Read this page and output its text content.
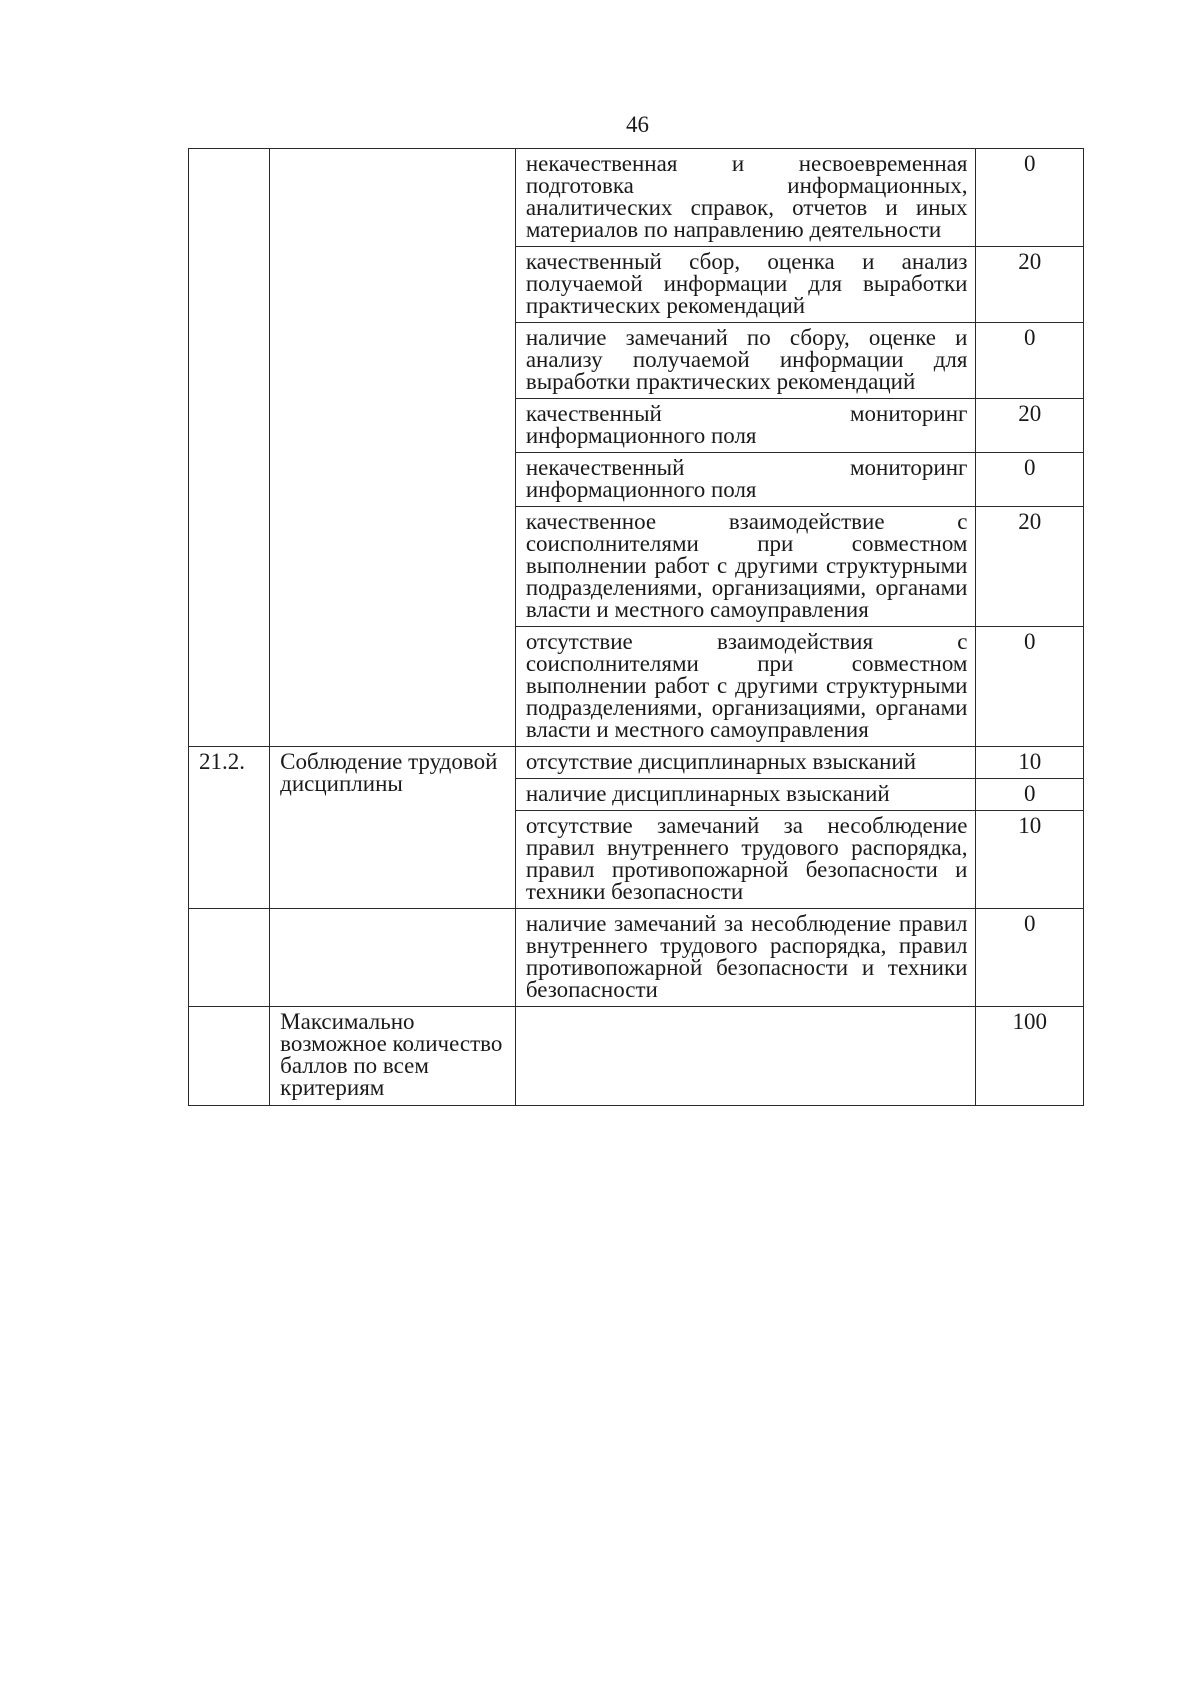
46
		некачественная и несвоевременная подготовка информационных, аналитических справок, отчетов и иных материалов по направлению деятельности	0
		качественный сбор, оценка и анализ получаемой информации для выработки практических рекомендаций	20
		наличие замечаний по сбору, оценке и анализу получаемой информации для выработки практических рекомендаций	0
		качественный мониторинг информационного поля	20
		некачественный мониторинг информационного поля	0
		качественное взаимодействие с соисполнителями при совместном выполнении работ с другими структурными подразделениями, организациями, органами власти и местного самоуправления	20
		отсутствие взаимодействия с соисполнителями при совместном выполнении работ с другими структурными подразделениями, организациями, органами власти и местного самоуправления	0
21.2.	Соблюдение трудовой дисциплины	отсутствие дисциплинарных взысканий	10
		наличие дисциплинарных взысканий	0
		отсутствие замечаний за несоблюдение правил внутреннего трудового распорядка, правил противопожарной безопасности и техники безопасности	10
		наличие замечаний за несоблюдение правил внутреннего трудового распорядка, правил противопожарной безопасности и техники безопасности	0
	Максимально возможное количество баллов по всем критериям		100
